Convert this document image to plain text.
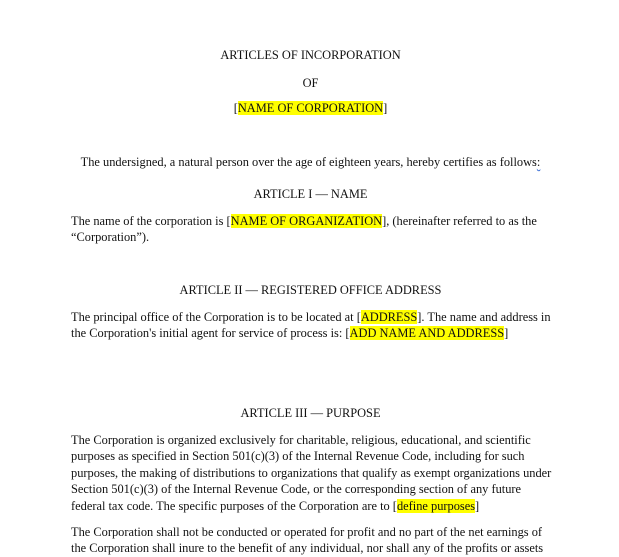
ARTICLES OF INCORPORATION
OF
[NAME OF CORPORATION]
The undersigned, a natural person over the age of eighteen years, hereby certifies as follows:
ARTICLE I — NAME
The name of the corporation is [NAME OF ORGANIZATION], (hereinafter referred to as the
“Corporation”).
ARTICLE II — REGISTERED OFFICE ADDRESS
The principal office of the Corporation is to be located at [ADDRESS]. The name and address in
the Corporation's initial agent for service of process is: [ADD NAME AND ADDRESS]
ARTICLE III — PURPOSE
The Corporation is organized exclusively for charitable, religious, educational, and scientific
purposes as specified in Section 501(c)(3) of the Internal Revenue Code, including for such
purposes, the making of distributions to organizations that qualify as exempt organizations under
Section 501(c)(3) of the Internal Revenue Code, or the corresponding section of any future
federal tax code. The specific purposes of the Corporation are to [define purposes]
The Corporation shall not be conducted or operated for profit and no part of the net earnings of
the Corporation shall inure to the benefit of any individual, nor shall any of the profits or assets
